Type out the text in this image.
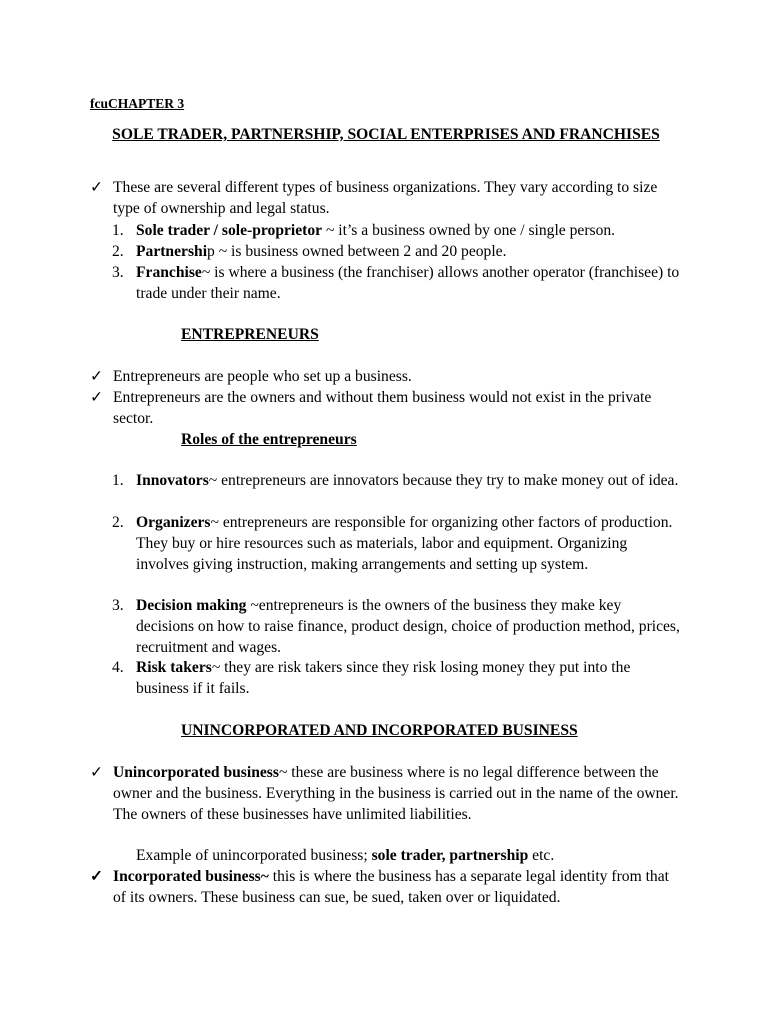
fcuCHAPTER 3
SOLE TRADER, PARTNERSHIP, SOCIAL ENTERPRISES AND FRANCHISES
✓ These are several different types of business organizations. They vary according to size type of ownership and legal status.
1. Sole trader / sole-proprietor ~ it’s a business owned by one / single person.
2. Partnership ~ is business owned between 2 and 20 people.
3. Franchise~ is where a business (the franchiser) allows another operator (franchisee) to trade under their name.
ENTREPRENEURS
✓ Entrepreneurs are people who set up a business.
✓ Entrepreneurs are the owners and without them business would not exist in the private sector.
Roles of the entrepreneurs
1. Innovators~ entrepreneurs are innovators because they try to make money out of idea.
2. Organizers~ entrepreneurs are responsible for organizing other factors of production. They buy or hire resources such as materials, labor and equipment. Organizing involves giving instruction, making arrangements and setting up system.
3. Decision making ~entrepreneurs is the owners of the business they make key decisions on how to raise finance, product design, choice of production method, prices, recruitment and wages.
4. Risk takers~ they are risk takers since they risk losing money they put into the business if it fails.
UNINCORPORATED AND INCORPORATED BUSINESS
✓ Unincorporated business~ these are business where is no legal difference between the owner and the business. Everything in the business is carried out in the name of the owner. The owners of these businesses have unlimited liabilities.
Example of unincorporated business; sole trader, partnership etc.
✓ Incorporated business~ this is where the business has a separate legal identity from that of its owners. These business can sue, be sued, taken over or liquidated.
